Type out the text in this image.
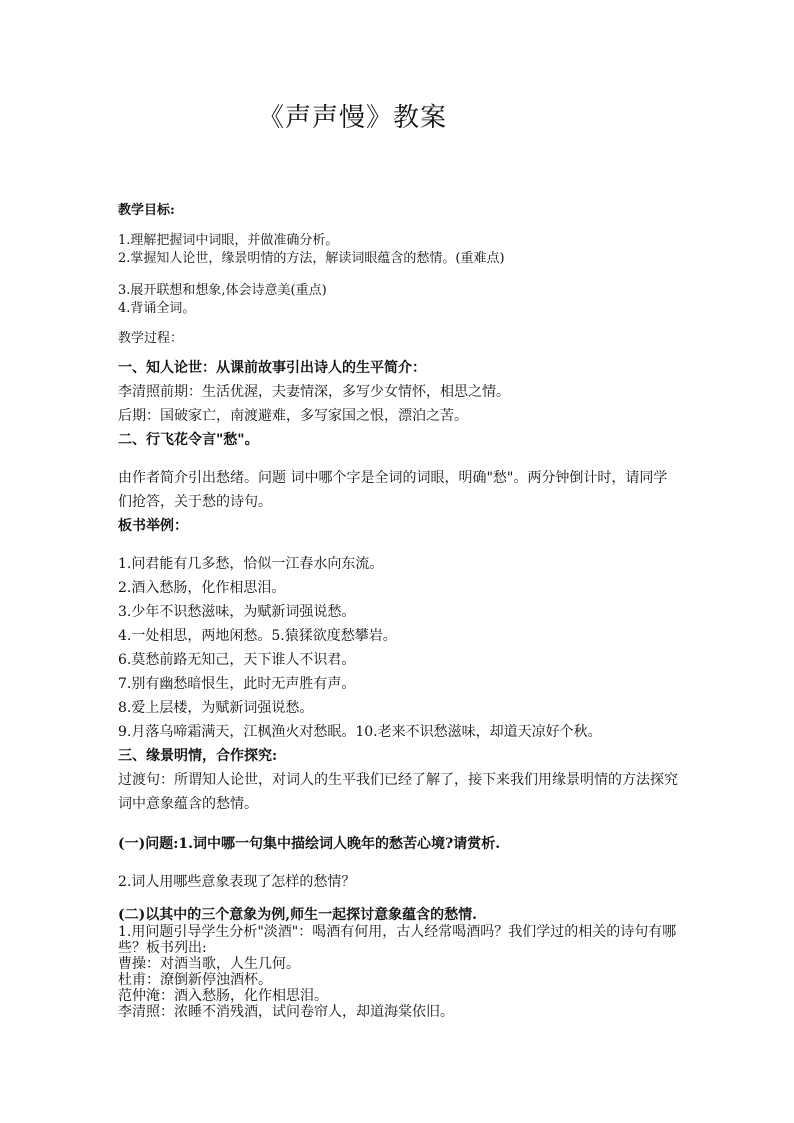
《声声慢》教案
教学目标:
1.理解把握词中词眼，并做准确分析。
2.掌握知人论世，缘景明情的方法，解读词眼蕴含的愁情。(重难点)
3.展开联想和想象,体会诗意美(重点)
4.背诵全词。
教学过程：
一、知人论世：从课前故事引出诗人的生平简介：
李清照前期：生活优渥，夫妻情深，多写少女情怀，相思之情。
后期：国破家亡，南渡避难，多写家国之恨，漂泊之苦。
二、行飞花令言"愁"。
由作者简介引出愁绪。问题 词中哪个字是全词的词眼，明确"愁"。两分钟倒计时，请同学们抢答，关于愁的诗句。
板书举例：
1.问君能有几多愁，恰似一江春水向东流。
2.酒入愁肠，化作相思泪。
3.少年不识愁滋味，为赋新词强说愁。
4.一处相思，两地闲愁。5.猿猱欲度愁攀岩。
6.莫愁前路无知己，天下谁人不识君。
7.别有幽愁暗恨生，此时无声胜有声。
8.爱上层楼，为赋新词强说愁。
9.月落乌啼霜满天，江枫渔火对愁眠。10.老来不识愁滋味，却道天凉好个秋。
三、缘景明情，合作探究:
过渡句：所谓知人论世，对词人的生平我们已经了解了，接下来我们用缘景明情的方法探究词中意象蕴含的愁情。
(一)问题:1.词中哪一句集中描绘词人晚年的愁苦心境?请赏析.
2.词人用哪些意象表现了怎样的愁情？
(二)以其中的三个意象为例,师生一起探讨意象蕴含的愁情.
1.用问题引导学生分析"淡酒"：喝酒有何用，古人经常喝酒吗？我们学过的相关的诗句有哪些？板书列出:
曹操：对酒当歌，人生几何。
杜甫：潦倒新停浊酒杯。
范仲淹：酒入愁肠，化作相思泪。
李清照：浓睡不消残酒，试问卷帘人，却道海棠依旧。
